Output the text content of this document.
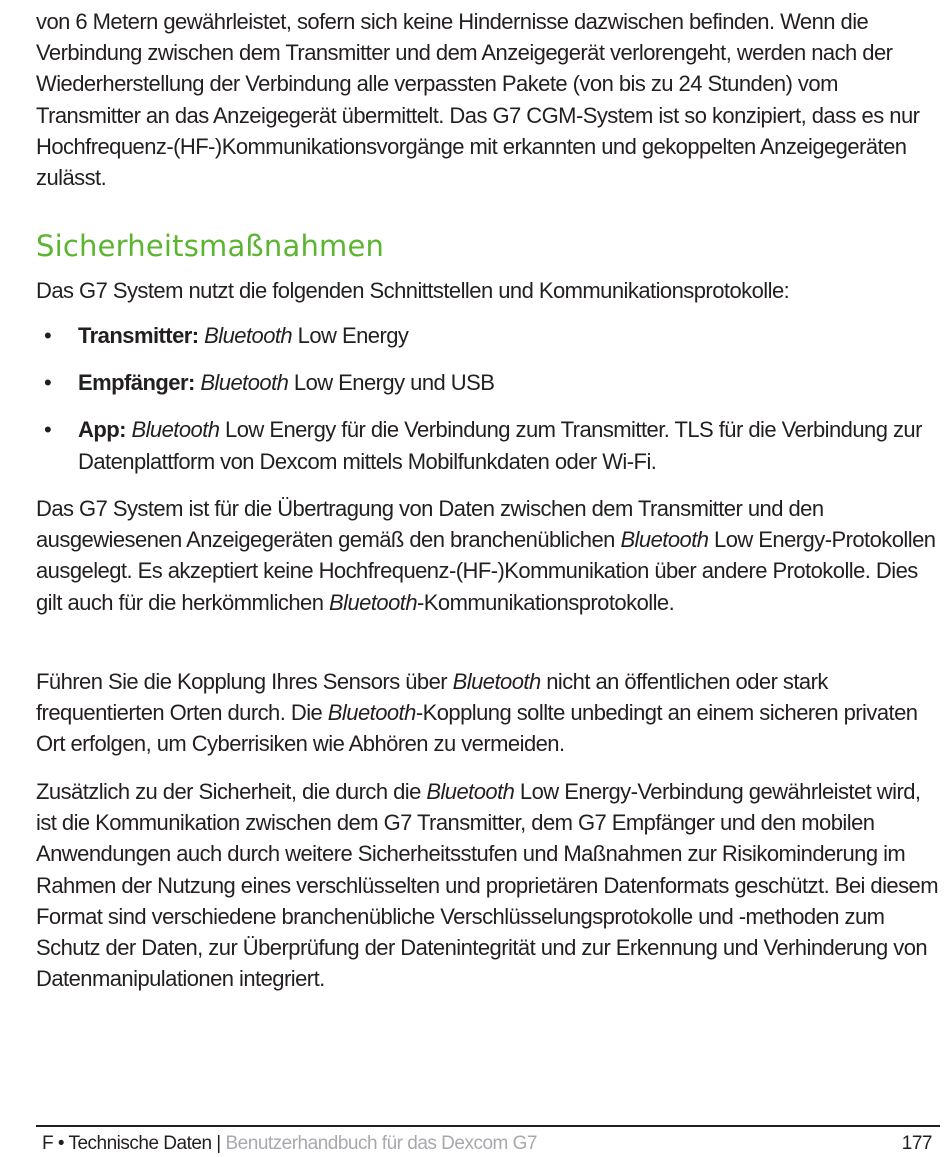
von 6 Metern gewährleistet, sofern sich keine Hindernisse dazwischen befinden. Wenn die Verbindung zwischen dem Transmitter und dem Anzeigegerät verlorengeht, werden nach der Wiederherstellung der Verbindung alle verpassten Pakete (von bis zu 24 Stunden) vom Transmitter an das Anzeigegerät übermittelt. Das G7 CGM-System ist so konzipiert, dass es nur Hochfrequenz-(HF-)Kommunikationsvorgänge mit erkannten und gekoppelten Anzeigegeräten zulässt.

Sicherheitsmaßnahmen

Das G7 System nutzt die folgenden Schnittstellen und Kommunikationsprotokolle:

• Transmitter: Bluetooth Low Energy
• Empfänger: Bluetooth Low Energy und USB
• App: Bluetooth Low Energy für die Verbindung zum Transmitter. TLS für die Verbindung zur Datenplattform von Dexcom mittels Mobilfunkdaten oder Wi-Fi.

Das G7 System ist für die Übertragung von Daten zwischen dem Transmitter und den ausgewiesenen Anzeigegeräten gemäß den branchenüblichen Bluetooth Low Energy-Protokollen ausgelegt. Es akzeptiert keine Hochfrequenz-(HF-)Kommunikation über andere Protokolle. Dies gilt auch für die herkömmlichen Bluetooth-Kommunikationsprotokolle.

Führen Sie die Kopplung Ihres Sensors über Bluetooth nicht an öffentlichen oder stark frequentierten Orten durch. Die Bluetooth-Kopplung sollte unbedingt an einem sicheren privaten Ort erfolgen, um Cyberrisiken wie Abhören zu vermeiden.

Zusätzlich zu der Sicherheit, die durch die Bluetooth Low Energy-Verbindung gewährleistet wird, ist die Kommunikation zwischen dem G7 Transmitter, dem G7 Empfänger und den mobilen Anwendungen auch durch weitere Sicherheitsstufen und Maßnahmen zur Risikominderung im Rahmen der Nutzung eines verschlüsselten und proprietären Datenformats geschützt. Bei diesem Format sind verschiedene branchenübliche Verschlüsselungsprotokolle und -methoden zum Schutz der Daten, zur Überprüfung der Datenintegrität und zur Erkennung und Verhinderung von Datenmanipulationen integriert.

F • Technische Daten | Benutzerhandbuch für das Dexcom G7	177
